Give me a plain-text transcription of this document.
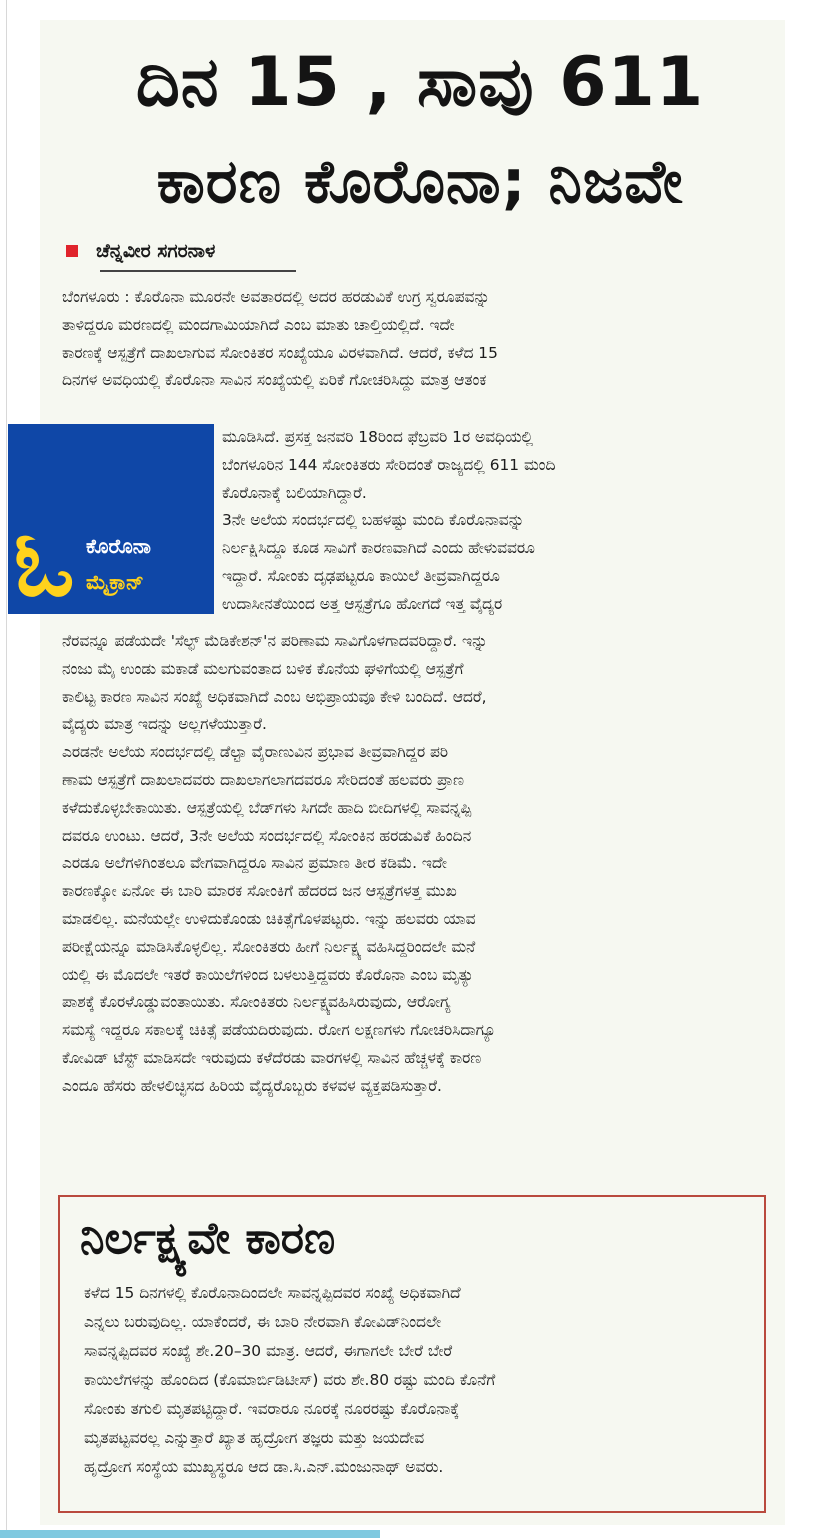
ದಿನ 15 , ಸಾವು 611
ಕಾರಣ ಕೊರೊನಾ; ನಿಜವೇ
ಚೆನ್ನವೀರ ಸಗರನಾಳ
ಬೆಂಗಳೂರು : ಕೊರೊನಾ ಮೂರನೇ ಅವತಾರದಲ್ಲಿ ಅದರ ಹರಡುವಿಕೆ ಉಗ್ರ ಸ್ವರೂಪವನ್ನು
ತಾಳಿದ್ದರೂ ಮರಣದಲ್ಲಿ ಮಂದಗಾಮಿಯಾಗಿದೆ ಎಂಬ ಮಾತು ಚಾಲ್ತಿಯಲ್ಲಿದೆ. ಇದೇ
ಕಾರಣಕ್ಕೆ ಆಸ್ಪತ್ರೆಗೆ ದಾಖಲಾಗುವ ಸೋಂಕಿತರ ಸಂಖ್ಯೆಯೂ ವಿರಳವಾಗಿದೆ. ಆದರೆ, ಕಳೆದ 15
ದಿನಗಳ ಅವಧಿಯಲ್ಲಿ ಕೊರೊನಾ ಸಾವಿನ ಸಂಖ್ಯೆಯಲ್ಲಿ ಏರಿಕೆ ಗೋಚರಿಸಿದ್ದು ಮಾತ್ರ ಆತಂಕ
ಓ ಕೊರೊನಾ
ಮೈಕ್ರಾನ್
ಮೂಡಿಸಿದೆ. ಪ್ರಸಕ್ತ ಜನವರಿ 18ರಿಂದ ಫೆಬ್ರವರಿ 1ರ ಅವಧಿಯಲ್ಲಿ
ಬೆಂಗಳೂರಿನ 144 ಸೋಂಕಿತರು ಸೇರಿದಂತೆ ರಾಜ್ಯದಲ್ಲಿ 611 ಮಂದಿ
ಕೊರೊನಾಕ್ಕೆ ಬಲಿಯಾಗಿದ್ದಾರೆ.
3ನೇ ಅಲೆಯ ಸಂದರ್ಭದಲ್ಲಿ ಬಹಳಷ್ಟು ಮಂದಿ ಕೊರೊನಾವನ್ನು
ನಿರ್ಲಕ್ಷಿಸಿದ್ದೂ ಕೂಡ ಸಾವಿಗೆ ಕಾರಣವಾಗಿದೆ ಎಂದು ಹೇಳುವವರೂ
ಇದ್ದಾರೆ. ಸೋಂಕು ದೃಢಪಟ್ಟರೂ ಕಾಯಿಲೆ ತೀವ್ರವಾಗಿದ್ದರೂ
ಉದಾಸೀನತೆಯಿಂದ ಅತ್ತ ಆಸ್ಪತ್ರೆಗೂ ಹೋಗದೆ ಇತ್ತ ವೈದ್ಯರ
ನೆರವನ್ನೂ ಪಡೆಯದೇ 'ಸೆಲ್ಫ್ ಮೆಡಿಕೇಶನ್'ನ ಪರಿಣಾಮ ಸಾವಿಗೊಳಗಾದವರಿದ್ದಾರೆ. ಇನ್ನು
ನಂಜು ಮೈ ಉಂಡು ಮಕಾಡೆ ಮಲಗುವಂತಾದ ಬಳಿಕ ಕೊನೆಯ ಘಳಿಗೆಯಲ್ಲಿ ಆಸ್ಪತ್ರೆಗೆ
ಕಾಲಿಟ್ಟ ಕಾರಣ ಸಾವಿನ ಸಂಖ್ಯೆ ಅಧಿಕವಾಗಿದೆ ಎಂಬ ಅಭಿಪ್ರಾಯವೂ ಕೇಳಿ ಬಂದಿದೆ. ಆದರೆ,
ವೈದ್ಯರು ಮಾತ್ರ ಇದನ್ನು ಅಲ್ಲಗಳೆಯುತ್ತಾರೆ.
ಎರಡನೇ ಅಲೆಯ ಸಂದರ್ಭದಲ್ಲಿ ಡೆಲ್ಟಾ ವೈರಾಣುವಿನ ಪ್ರಭಾವ ತೀವ್ರವಾಗಿದ್ದರ ಪರಿ
ಣಾಮ ಆಸ್ಪತ್ರೆಗೆ ದಾಖಲಾದವರು ದಾಖಲಾಗಲಾಗದವರೂ ಸೇರಿದಂತೆ ಹಲವರು ಪ್ರಾಣ
ಕಳೆದುಕೊಳ್ಳಬೇಕಾಯಿತು. ಆಸ್ಪತ್ರೆಯಲ್ಲಿ ಬೆಡ್‌ಗಳು ಸಿಗದೇ ಹಾದಿ ಬೀದಿಗಳಲ್ಲಿ ಸಾವನ್ನಪ್ಪಿ
ದವರೂ ಉಂಟು. ಆದರೆ, 3ನೇ ಅಲೆಯ ಸಂದರ್ಭದಲ್ಲಿ ಸೋಂಕಿನ ಹರಡುವಿಕೆ ಹಿಂದಿನ
ಎರಡೂ ಅಲೆಗಳಿಗಿಂತಲೂ ವೇಗವಾಗಿದ್ದರೂ ಸಾವಿನ ಪ್ರಮಾಣ ತೀರ ಕಡಿಮೆ. ಇದೇ
ಕಾರಣಕ್ಕೋ ಏನೋ ಈ ಬಾರಿ ಮಾರಕ ಸೋಂಕಿಗೆ ಹೆದರದ ಜನ ಆಸ್ಪತ್ರೆಗಳತ್ತ ಮುಖ
ಮಾಡಲಿಲ್ಲ. ಮನೆಯಲ್ಲೇ ಉಳಿದುಕೊಂಡು ಚಿಕಿತ್ಸೆಗೊಳಪಟ್ಟರು. ಇನ್ನು ಹಲವರು ಯಾವ
ಪರೀಕ್ಷೆಯನ್ನೂ ಮಾಡಿಸಿಕೊಳ್ಳಲಿಲ್ಲ. ಸೋಂಕಿತರು ಹೀಗೆ ನಿರ್ಲಕ್ಷ್ಯ ವಹಿಸಿದ್ದರಿಂದಲೇ ಮನೆ
ಯಲ್ಲಿ ಈ ಮೊದಲೇ ಇತರೆ ಕಾಯಿಲೆಗಳಿಂದ ಬಳಲುತ್ತಿದ್ದವರು ಕೊರೊನಾ ಎಂಬ ಮೃತ್ಯು
ಪಾಶಕ್ಕೆ ಕೊರಳೊಡ್ಡುವಂತಾಯಿತು. ಸೋಂಕಿತರು ನಿರ್ಲಕ್ಷ್ಯವಹಿಸಿರುವುದು, ಆರೋಗ್ಯ
ಸಮಸ್ಯೆ ಇದ್ದರೂ ಸಕಾಲಕ್ಕೆ ಚಿಕಿತ್ಸೆ ಪಡೆಯದಿರುವುದು. ರೋಗ ಲಕ್ಷಣಗಳು ಗೋಚರಿಸಿದಾಗ್ಯೂ
ಕೋವಿಡ್ ಟೆಸ್ಟ್ ಮಾಡಿಸದೇ ಇರುವುದು ಕಳೆದೆರಡು ವಾರಗಳಲ್ಲಿ ಸಾವಿನ ಹೆಚ್ಚಳಕ್ಕೆ ಕಾರಣ
ಎಂದೂ ಹೆಸರು ಹೇಳಲಿಚ್ಛಿಸದ ಹಿರಿಯ ವೈದ್ಯರೊಬ್ಬರು ಕಳವಳ ವ್ಯಕ್ತಪಡಿಸುತ್ತಾರೆ.
ನಿರ್ಲಕ್ಷ್ಯವೇ ಕಾರಣ
ಕಳೆದ 15 ದಿನಗಳಲ್ಲಿ ಕೊರೊನಾದಿಂದಲೇ ಸಾವನ್ನಪ್ಪಿದವರ ಸಂಖ್ಯೆ ಅಧಿಕವಾಗಿದೆ
ಎನ್ನಲು ಬರುವುದಿಲ್ಲ. ಯಾಕೆಂದರೆ, ಈ ಬಾರಿ ನೇರವಾಗಿ ಕೋವಿಡ್‌ನಿಂದಲೇ
ಸಾವನ್ನಪ್ಪಿದವರ ಸಂಖ್ಯೆ ಶೇ.20–30 ಮಾತ್ರ. ಆದರೆ, ಈಗಾಗಲೇ ಬೇರೆ ಬೇರೆ
ಕಾಯಿಲೆಗಳನ್ನು ಹೊಂದಿದ (ಕೊಮಾರ್ಬಿಡಿಟೀಸ್) ವರು ಶೇ.80 ರಷ್ಟು ಮಂದಿ ಕೊನೆಗೆ
ಸೋಂಕು ತಗುಲಿ ಮೃತಪಟ್ಟಿದ್ದಾರೆ. ಇವರಾರೂ ನೂರಕ್ಕೆ ನೂರರಷ್ಟು ಕೊರೊನಾಕ್ಕೆ
ಮೃತಪಟ್ಟವರಲ್ಲ ಎನ್ನುತ್ತಾರೆ ಖ್ಯಾತ ಹೃದ್ರೋಗ ತಜ್ಞರು ಮತ್ತು ಜಯದೇವ
ಹೃದ್ರೋಗ ಸಂಸ್ಥೆಯ ಮುಖ್ಯಸ್ಥರೂ ಆದ ಡಾ.ಸಿ.ಎನ್.ಮಂಜುನಾಥ್ ಅವರು.
